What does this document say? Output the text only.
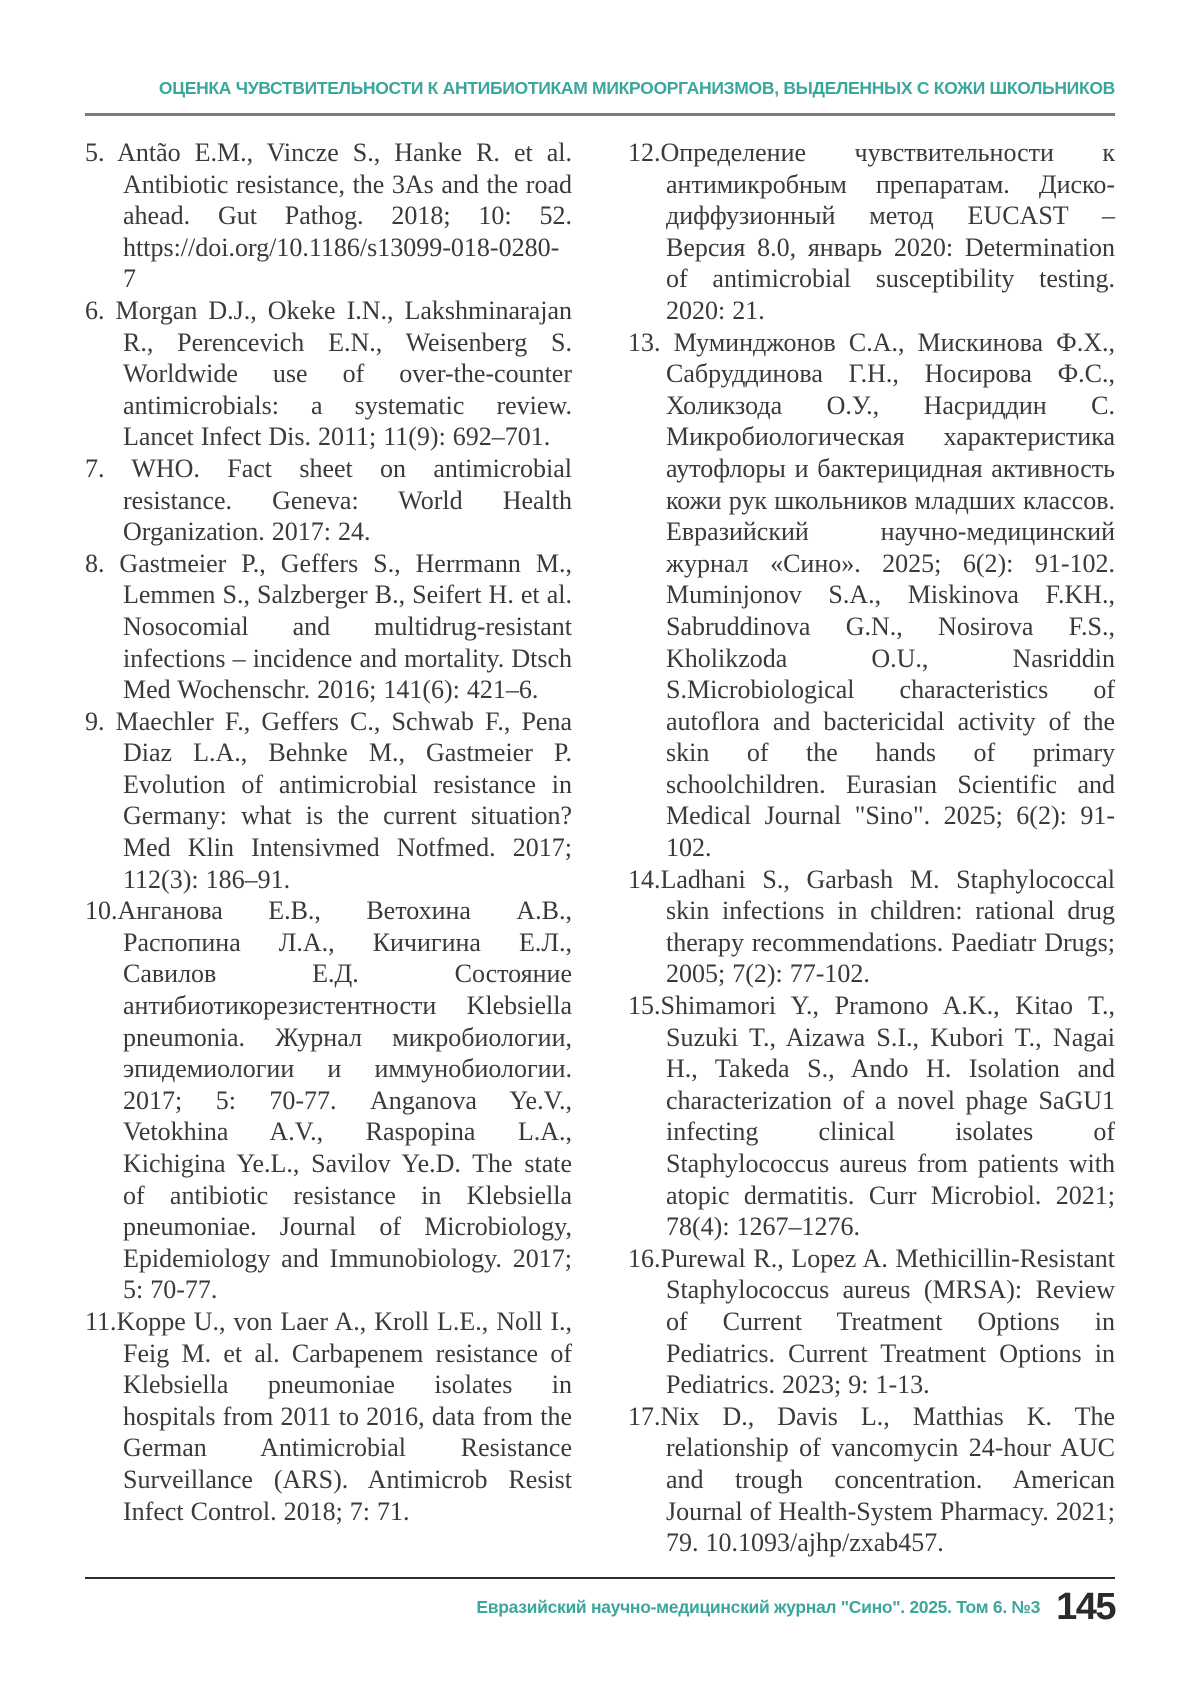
ОЦЕНКА ЧУВСТВИТЕЛЬНОСТИ К АНТИБИОТИКАМ МИКРООРГАНИЗМОВ, ВЫДЕЛЕННЫХ С КОЖИ ШКОЛЬНИКОВ
5. Antão E.M., Vincze S., Hanke R. et al. Antibiotic resistance, the 3As and the road ahead. Gut Pathog. 2018; 10: 52. https://doi.org/10.1186/s13099-018-0280-7
6. Morgan D.J., Okeke I.N., Lakshminarajan R., Perencevich E.N., Weisenberg S. Worldwide use of over-the-counter antimicrobials: a systematic review. Lancet Infect Dis. 2011; 11(9): 692–701.
7. WHO. Fact sheet on antimicrobial resistance. Geneva: World Health Organization. 2017: 24.
8. Gastmeier P., Geffers S., Herrmann M., Lemmen S., Salzberger B., Seifert H. et al. Nosocomial and multidrug-resistant infections – incidence and mortality. Dtsch Med Wochenschr. 2016; 141(6): 421–6.
9. Maechler F., Geffers C., Schwab F., Pena Diaz L.A., Behnke M., Gastmeier P. Evolution of antimicrobial resistance in Germany: what is the current situation? Med Klin Intensivmed Notfmed. 2017; 112(3): 186–91.
10.Анганова Е.В., Ветохина А.В., Распопина Л.А., Кичигина Е.Л., Савилов Е.Д. Состояние антибиотикорезистентности Klebsiella pneumonia. Журнал микробиологии, эпидемиологии и иммунобиологии. 2017; 5: 70-77. Anganova Ye.V., Vetokhina A.V., Raspopina L.A., Kichigina Ye.L., Savilov Ye.D. The state of antibiotic resistance in Klebsiella pneumoniae. Journal of Microbiology, Epidemiology and Immunobiology. 2017; 5: 70-77.
11.Koppe U., von Laer A., Kroll L.E., Noll I., Feig M. et al. Carbapenem resistance of Klebsiella pneumoniae isolates in hospitals from 2011 to 2016, data from the German Antimicrobial Resistance Surveillance (ARS). Antimicrob Resist Infect Control. 2018; 7: 71.
12.Определение чувствительности к антимикробным препаратам. Диско-диффузионный метод EUCAST – Версия 8.0, январь 2020: Determination of antimicrobial susceptibility testing. 2020: 21.
13. Муминджонов С.А., Мискинова Ф.Х., Сабруддинова Г.Н., Носирова Ф.С., Холикзода О.У., Насриддин С. Микробиологическая характеристика аутофлоры и бактерицидная активность кожи рук школьников младших классов. Евразийский научно-медицинский журнал «Сино». 2025; 6(2): 91-102. Muminjonov S.A., Miskinova F.KH., Sabruddinova G.N., Nosirova F.S., Kholikzoda O.U., Nasriddin S.Microbiological characteristics of autoflora and bactericidal activity of the skin of the hands of primary schoolchildren. Eurasian Scientific and Medical Journal "Sino". 2025; 6(2): 91-102.
14.Ladhani S., Garbash M. Staphylococcal skin infections in children: rational drug therapy recommendations. Paediatr Drugs; 2005; 7(2): 77-102.
15.Shimamori Y., Pramono A.K., Kitao T., Suzuki T., Aizawa S.I., Kubori T., Nagai H., Takeda S., Ando H. Isolation and characterization of a novel phage SaGU1 infecting clinical isolates of Staphylococcus aureus from patients with atopic dermatitis. Curr Microbiol. 2021; 78(4): 1267–1276.
16.Purewal R., Lopez A. Methicillin-Resistant Staphylococcus aureus (MRSA): Review of Current Treatment Options in Pediatrics. Current Treatment Options in Pediatrics. 2023; 9: 1-13.
17.Nix D., Davis L., Matthias K. The relationship of vancomycin 24-hour AUC and trough concentration. American Journal of Health-System Pharmacy. 2021; 79. 10.1093/ajhp/zxab457.
Евразийский научно-медицинский журнал "Сино". 2025. Том 6. №3 145
